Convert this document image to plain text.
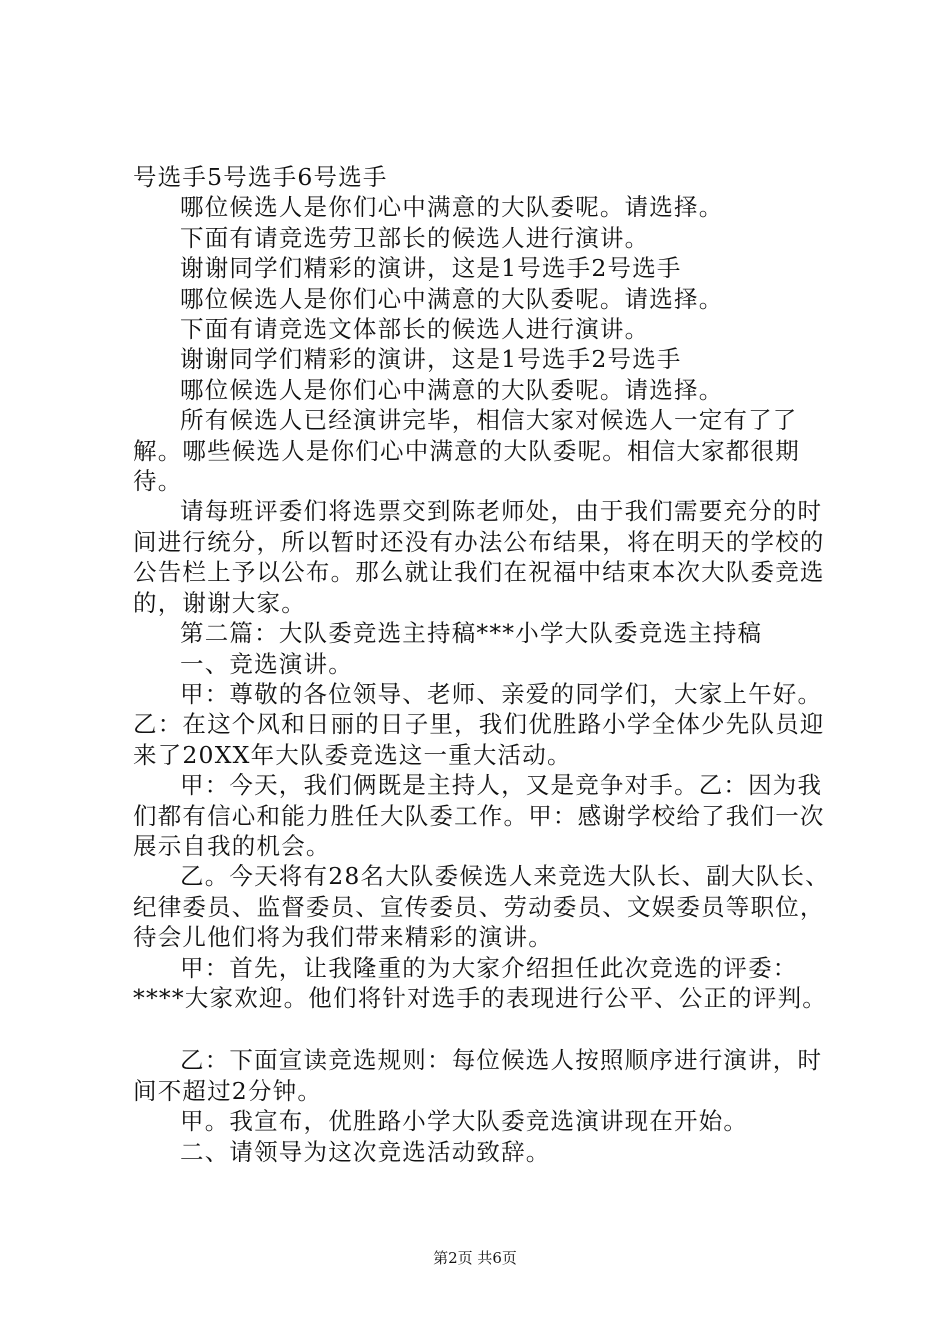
号选手5号选手6号选手

哪位候选人是你们心中满意的大队委呢。请选择。

下面有请竞选劳卫部长的候选人进行演讲。

谢谢同学们精彩的演讲，这是1号选手2号选手

哪位候选人是你们心中满意的大队委呢。请选择。

下面有请竞选文体部长的候选人进行演讲。

谢谢同学们精彩的演讲，这是1号选手2号选手

哪位候选人是你们心中满意的大队委呢。请选择。

所有候选人已经演讲完毕，相信大家对候选人一定有了了解。哪些候选人是你们心中满意的大队委呢。相信大家都很期待。

请每班评委们将选票交到陈老师处，由于我们需要充分的时间进行统分，所以暂时还没有办法公布结果，将在明天的学校的公告栏上予以公布。那么就让我们在祝福中结束本次大队委竞选的，谢谢大家。

第二篇：大队委竞选主持稿***小学大队委竞选主持稿

一、竞选演讲。

甲：尊敬的各位领导、老师、亲爱的同学们，大家上午好。乙：在这个风和日丽的日子里，我们优胜路小学全体少先队员迎来了20XX年大队委竞选这一重大活动。

甲：今天，我们俩既是主持人，又是竞争对手。乙：因为我们都有信心和能力胜任大队委工作。甲：感谢学校给了我们一次展示自我的机会。

乙。今天将有28名大队委候选人来竞选大队长、副大队长、纪律委员、监督委员、宣传委员、劳动委员、文娱委员等职位，待会儿他们将为我们带来精彩的演讲。

甲：首先，让我隆重的为大家介绍担任此次竞选的评委：****大家欢迎。他们将针对选手的表现进行公平、公正的评判。

乙：下面宣读竞选规则：每位候选人按照顺序进行演讲，时间不超过2分钟。

甲。我宣布，优胜路小学大队委竞选演讲现在开始。

二、请领导为这次竞选活动致辞。

第2页 共6页
